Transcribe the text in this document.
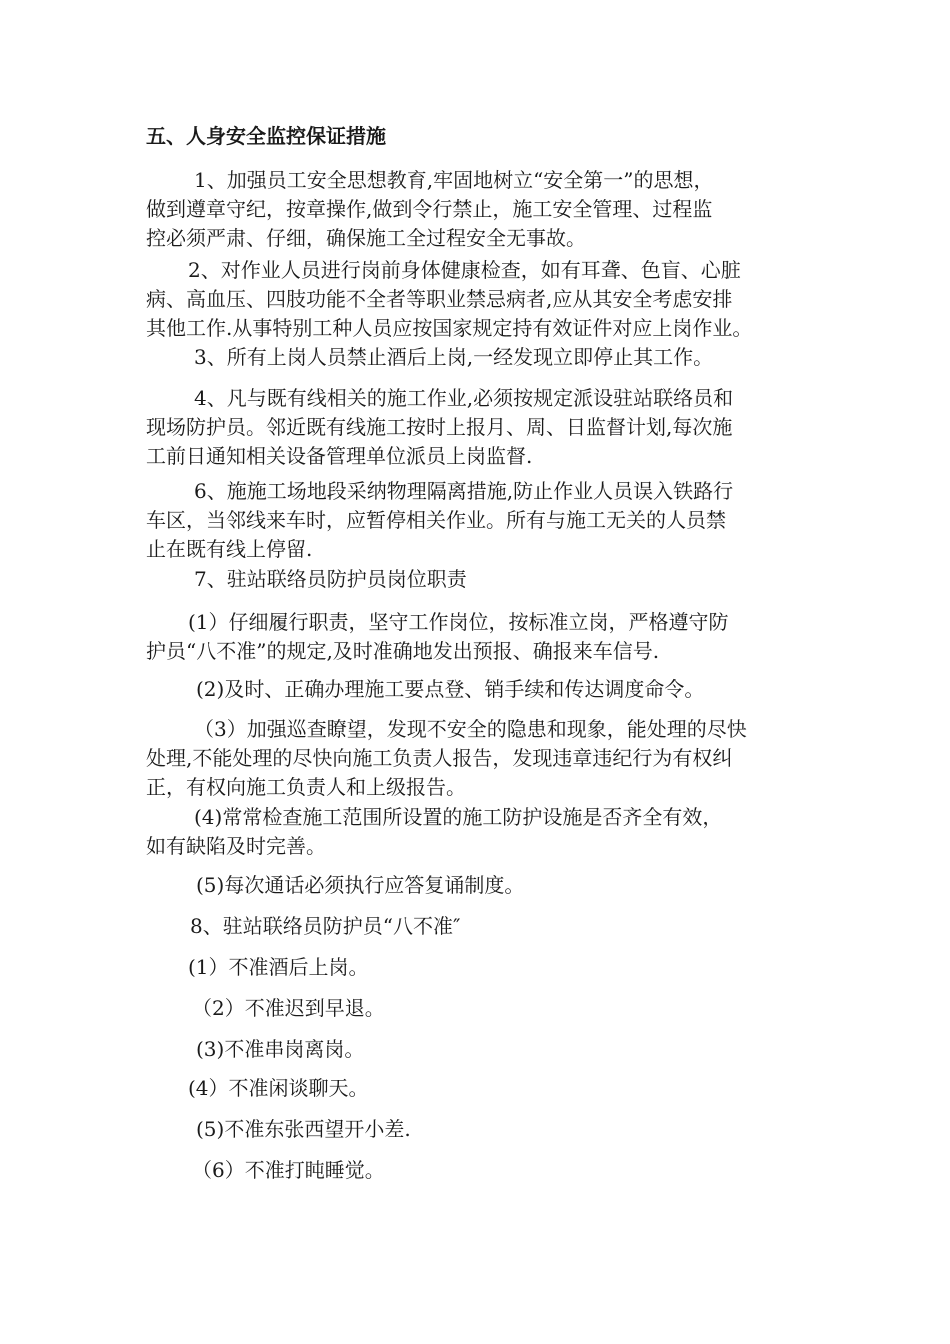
五、人身安全监控保证措施

1、加强员工安全思想教育,牢固地树立“安全第一”的思想，
做到遵章守纪，按章操作,做到令行禁止，施工安全管理、过程监
控必须严肃、仔细，确保施工全过程安全无事故。

2、对作业人员进行岗前身体健康检查，如有耳聋、色盲、心脏
病、高血压、四肢功能不全者等职业禁忌病者,应从其安全考虑安排
其他工作.从事特别工种人员应按国家规定持有效证件对应上岗作业。

3、所有上岗人员禁止酒后上岗,一经发现立即停止其工作。

4、凡与既有线相关的施工作业,必须按规定派设驻站联络员和
现场防护员。邻近既有线施工按时上报月、周、日监督计划,每次施
工前日通知相关设备管理单位派员上岗监督.

6、施施工场地段采纳物理隔离措施,防止作业人员误入铁路行
车区，当邻线来车时，应暂停相关作业。所有与施工无关的人员禁
止在既有线上停留.

7、驻站联络员防护员岗位职责

(1）仔细履行职责，坚守工作岗位，按标准立岗，严格遵守防
护员“八不准”的规定,及时准确地发出预报、确报来车信号.

(2)及时、正确办理施工要点登、销手续和传达调度命令。

（3）加强巡查瞭望，发现不安全的隐患和现象，能处理的尽快
处理,不能处理的尽快向施工负责人报告，发现违章违纪行为有权纠
正，有权向施工负责人和上级报告。

(4)常常检查施工范围所设置的施工防护设施是否齐全有效，
如有缺陷及时完善。

(5)每次通话必须执行应答复诵制度。

8、驻站联络员防护员“八不准″

(1）不准酒后上岗。

（2）不准迟到早退。

(3)不准串岗离岗。

(4）不准闲谈聊天。

(5)不准东张西望开小差.

（6）不准打盹睡觉。
